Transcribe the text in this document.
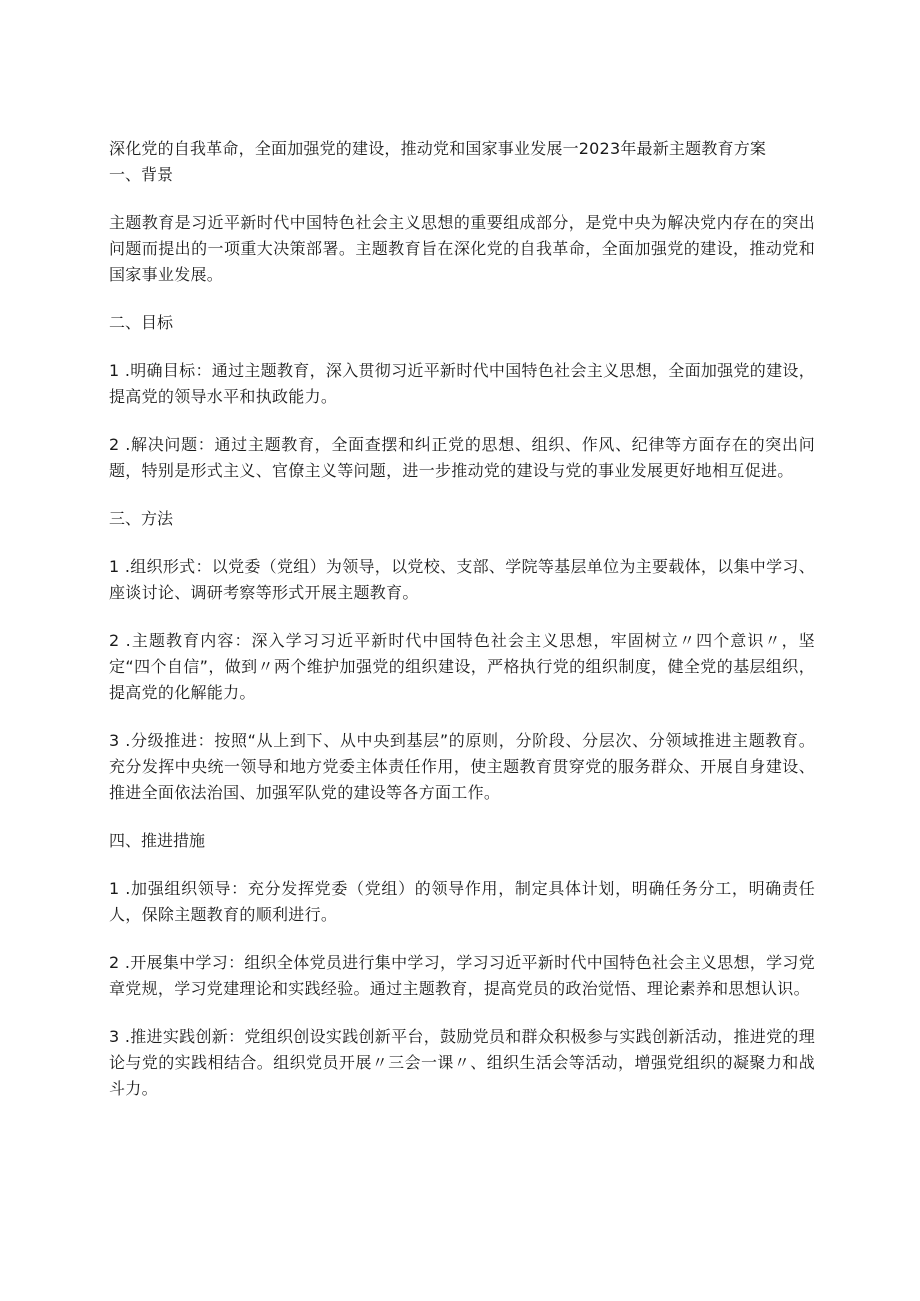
深化党的自我革命，全面加强党的建设，推动党和国家事业发展一2023年最新主题教育方案

一、背景

主题教育是习近平新时代中国特色社会主义思想的重要组成部分，是党中央为解决党内存在的突出问题而提出的一项重大决策部署。主题教育旨在深化党的自我革命，全面加强党的建设，推动党和国家事业发展。

二、目标

1 .明确目标：通过主题教育，深入贯彻习近平新时代中国特色社会主义思想，全面加强党的建设，提高党的领导水平和执政能力。

2 .解决问题：通过主题教育，全面查摆和纠正党的思想、组织、作风、纪律等方面存在的突出问题，特别是形式主义、官僚主义等问题，进一步推动党的建设与党的事业发展更好地相互促进。

三、方法

1 .组织形式：以党委（党组）为领导，以党校、支部、学院等基层单位为主要载体，以集中学习、座谈讨论、调研考察等形式开展主题教育。

2 .主题教育内容：深入学习习近平新时代中国特色社会主义思想，牢固树立〃四个意识〃，坚定“四个自信”，做到〃两个维护加强党的组织建设，严格执行党的组织制度，健全党的基层组织，提高党的化解能力。

3 .分级推进：按照“从上到下、从中央到基层”的原则，分阶段、分层次、分领域推进主题教育。充分发挥中央统一领导和地方党委主体责任作用，使主题教育贯穿党的服务群众、开展自身建设、推进全面依法治国、加强军队党的建设等各方面工作。

四、推进措施

1 .加强组织领导：充分发挥党委（党组）的领导作用，制定具体计划，明确任务分工，明确责任人，保除主题教育的顺利进行。

2 .开展集中学习：组织全体党员进行集中学习，学习习近平新时代中国特色社会主义思想，学习党章党规，学习党建理论和实践经验。通过主题教育，提高党员的政治觉悟、理论素养和思想认识。

3 .推进实践创新：党组织创设实践创新平台，鼓励党员和群众积极参与实践创新活动，推进党的理论与党的实践相结合。组织党员开展〃三会一课〃、组织生活会等活动，增强党组织的凝聚力和战斗力。
